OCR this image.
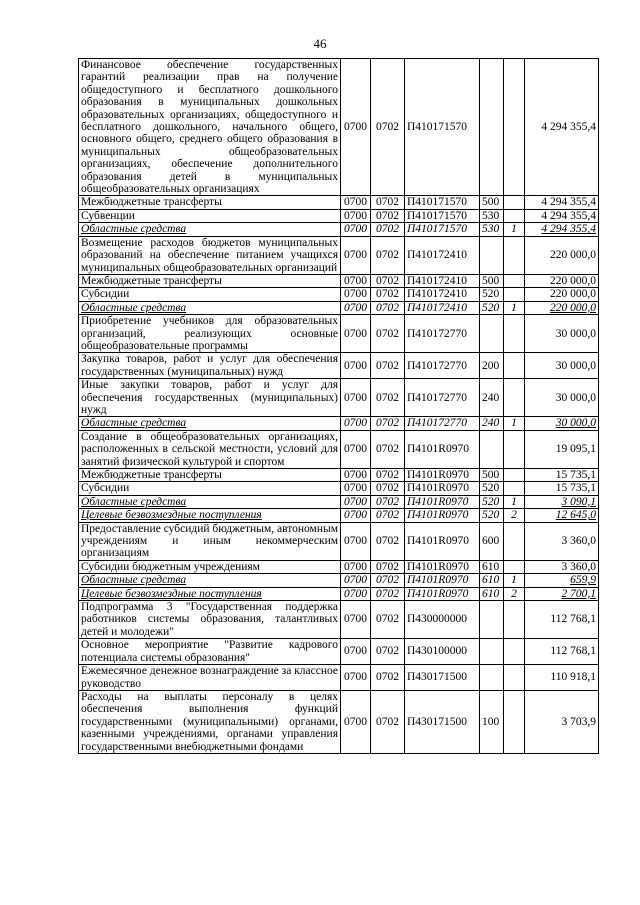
46
Финансовое обеспечение государственных гарантий реализации прав на получение общедоступного и бесплатного дошкольного образования в муниципальных дошкольных образовательных организациях, общедоступного и бесплатного дошкольного, начального общего, основного общего, среднего общего образования в муниципальных общеобразовательных организациях, обеспечение дополнительного образования детей в муниципальных общеобразовательных организациях	0700	0702	П410171570			4 294 355,4
Межбюджетные трансферты	0700	0702	П410171570	500		4 294 355,4
Субвенции	0700	0702	П410171570	530		4 294 355,4
Областные средства	0700	0702	П410171570	530	1	4 294 355,4
Возмещение расходов бюджетов муниципальных образований на обеспечение питанием учащихся муниципальных общеобразовательных организаций	0700	0702	П410172410			220 000,0
Межбюджетные трансферты	0700	0702	П410172410	500		220 000,0
Субсидии	0700	0702	П410172410	520		220 000,0
Областные средства	0700	0702	П410172410	520	1	220 000,0
Приобретение учебников для образовательных организаций, реализующих основные общеобразовательные программы	0700	0702	П410172770			30 000,0
Закупка товаров, работ и услуг для обеспечения государственных (муниципальных) нужд	0700	0702	П410172770	200		30 000,0
Иные закупки товаров, работ и услуг для обеспечения государственных (муниципальных) нужд	0700	0702	П410172770	240		30 000,0
Областные средства	0700	0702	П410172770	240	1	30 000,0
Создание в общеобразовательных организациях, расположенных в сельской местности, условий для занятий физической культурой и спортом	0700	0702	П4101R0970			19 095,1
Межбюджетные трансферты	0700	0702	П4101R0970	500		15 735,1
Субсидии	0700	0702	П4101R0970	520		15 735,1
Областные средства	0700	0702	П4101R0970	520	1	3 090,1
Целевые безвозмездные поступления	0700	0702	П4101R0970	520	2	12 645,0
Предоставление субсидий бюджетным, автономным учреждениям и иным некоммерческим организациям	0700	0702	П4101R0970	600		3 360,0
Субсидии бюджетным учреждениям	0700	0702	П4101R0970	610		3 360,0
Областные средства	0700	0702	П4101R0970	610	1	659,9
Целевые безвозмездные поступления	0700	0702	П4101R0970	610	2	2 700,1
Подпрограмма 3 "Государственная поддержка работников системы образования, талантливых детей и молодежи"	0700	0702	П430000000			112 768,1
Основное мероприятие "Развитие кадрового потенциала системы образования"	0700	0702	П430100000			112 768,1
Ежемесячное денежное вознаграждение за классное руководство	0700	0702	П430171500			110 918,1
Расходы на выплаты персоналу в целях обеспечения выполнения функций государственными (муниципальными) органами, казенными учреждениями, органами управления государственными внебюджетными фондами	0700	0702	П430171500	100		3 703,9
